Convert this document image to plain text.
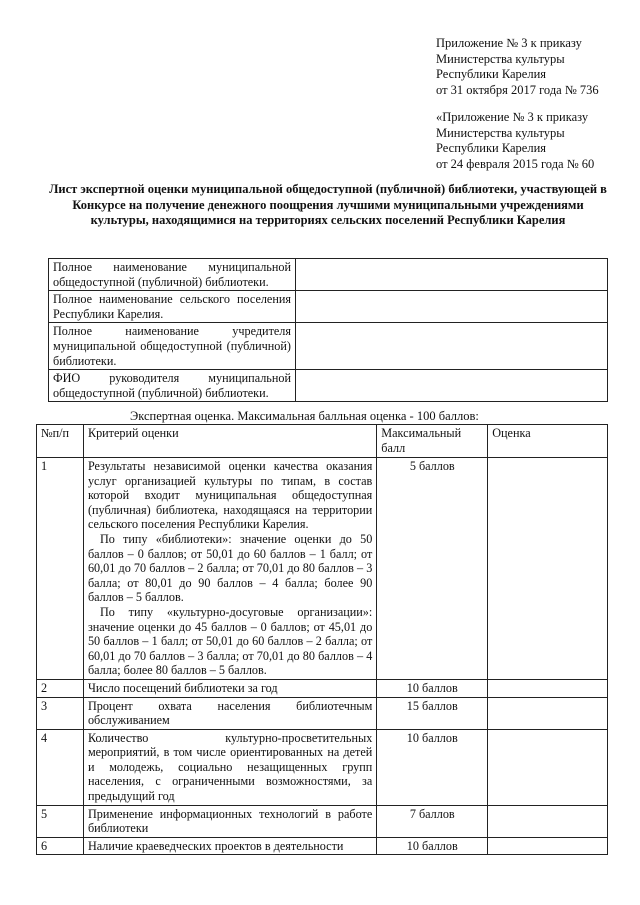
Приложение № 3 к приказу
Министерства культуры
Республики Карелия
от 31 октября 2017 года № 736
«Приложение № 3 к приказу
Министерства культуры
Республики Карелия
от 24 февраля 2015 года № 60
Лист экспертной оценки муниципальной общедоступной (публичной) библиотеки, участвующей в Конкурсе на получение денежного поощрения лучшими муниципальными учреждениями культуры, находящимися на территориях сельских поселений Республики Карелия
Полное наименование муниципальной общедоступной (публичной) библиотеки.	
Полное наименование сельского поселения Республики Карелия.	
Полное наименование учредителя муниципальной общедоступной (публичной) библиотеки.	
ФИО руководителя муниципальной общедоступной (публичной) библиотеки.	
Экспертная оценка. Максимальная балльная оценка - 100 баллов:
№п/п	Критерий оценки	Максимальный балл	Оценка
1	Результаты независимой оценки качества оказания услуг организацией культуры по типам, в состав которой входит муниципальная общедоступная (публичная) библиотека, находящаяся на территории сельского поселения Республики Карелия.

По типу «библиотеки»: значение оценки до 50 баллов – 0 баллов; от 50,01 до 60 баллов – 1 балл; от 60,01 до 70 баллов – 2 балла; от 70,01 до 80 баллов – 3 балла; от 80,01 до 90 баллов – 4 балла; более 90 баллов – 5 баллов.

По типу «культурно-досуговые организации»: значение оценки до 45 баллов – 0 баллов; от 45,01 до 50 баллов – 1 балл; от 50,01 до 60 баллов – 2 балла; от 60,01 до 70 баллов – 3 балла; от 70,01 до 80 баллов – 4 балла; более 80 баллов – 5 баллов.	5 баллов	
2	Число посещений библиотеки за год	10 баллов	
3	Процент охвата населения библиотечным обслуживанием	15 баллов	
4	Количество культурно-просветительных мероприятий, в том числе ориентированных на детей и молодежь, социально незащищенных групп населения, с ограниченными возможностями, за предыдущий год	10 баллов	
5	Применение информационных технологий в работе библиотеки	7 баллов	
6	Наличие краеведческих проектов в деятельности	10 баллов	
